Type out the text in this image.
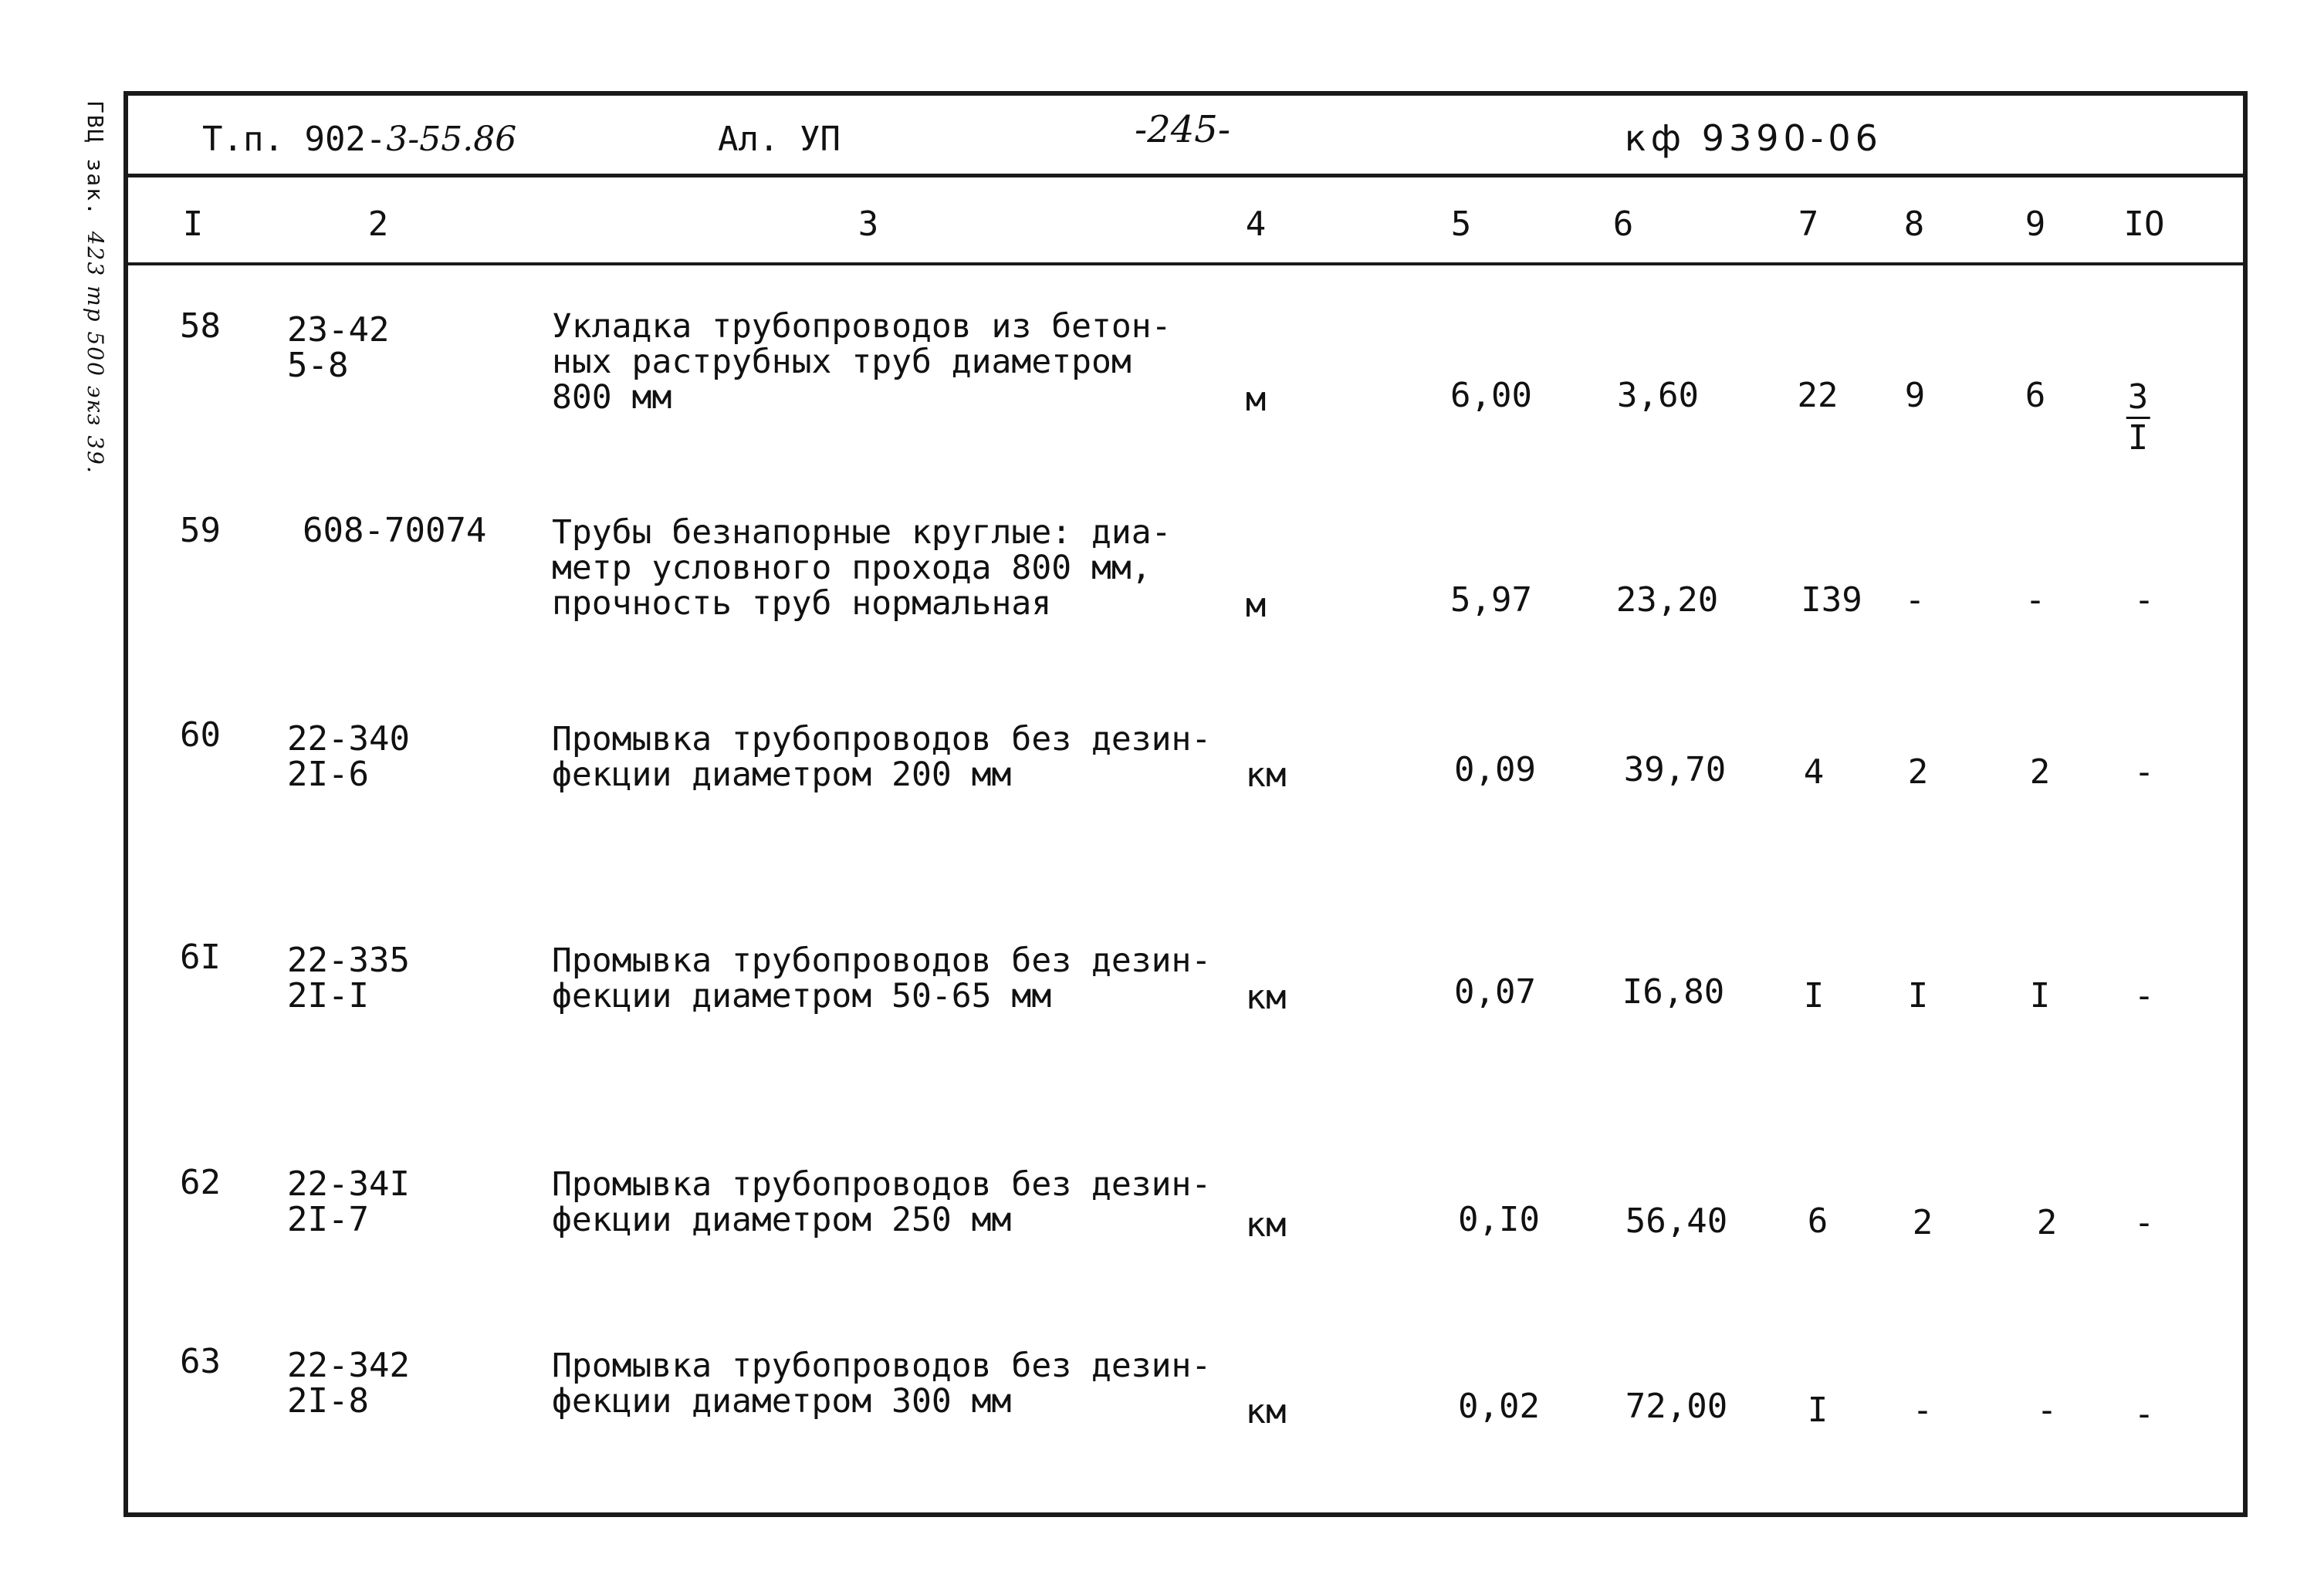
ГВЦ зак. 423 тр 500 экз 39.
Т.п. 902-3-55.86	Ал. УП	-245-	кф 9390-06
I	2	3	4	5	6	7	8	9 IO
58 23-42
5-8
Укладка трубопроводов из бетон-
ных раструбных труб диаметром
800 мм	м	6,00	3,60	22 9	$6 \frac{3}{I}$
59 608-70074 Трубы безнапорные круглые: диа-
метр условного прохода 800 мм,
прочность труб нормальная	м	5,97 23,20 I39 -	-	-
60 22-340
2I-6
Промывка трубопроводов без дезин-
фекции диаметром 200 мм	км	0,09	39,70 4 2	2 -
6I 22-335
2I-I
Промывка трубопроводов без дезин-
фекции диаметром 50-65 мм	км	0,07	I6,80 I I	I -
62 22-34I
2I-7
Промывка трубопроводов без дезин-
фекции диаметром 250 мм	км	0,I0	56,40 6 2	2 -
63 22-342
2I-8
Промывка трубопроводов без дезин-
фекции диаметром 300 мм	км	0,02	72,00 I -	- -
